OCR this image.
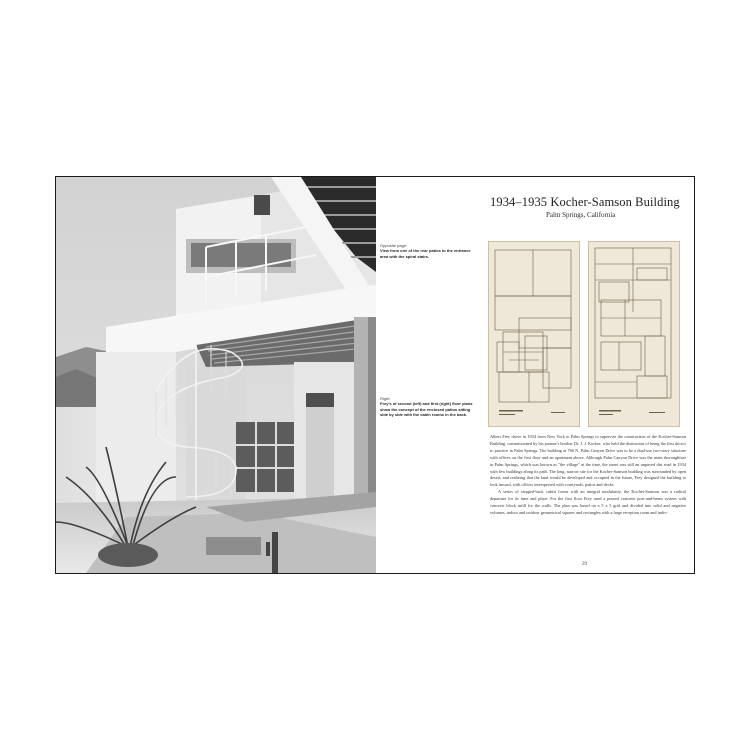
Opposite page:
View from one of the rear patios to the entrance area with the spiral stairs.
Right:
Frey's of second (left) and first (right) floor plans show the concept of the enclosed patios sitting side by side with the cabin rooms in the back.
1934–1935 Kocher-Samson Building
Palm Springs, California

Albert Frey drove in 1934 from New York to Palm Springs to supervise the construction of the Kocher-Samson Building, commissioned by his partner's brother Dr. J. J. Kocher, who held the distinction of being the first doctor to practice in Palm Springs. The building at 766 N. Palm Canyon Drive was to be a dual-use two-story structure with offices on the first floor and an apartment above. Although Palm Canyon Drive was the main thoroughfare in Palm Springs, which was known as "the village" at the time, the street was still an unpaved dirt road in 1934 with few buildings along its path. The long, narrow site for the Kocher-Samson building was surrounded by open desert, and realizing that the land would be developed and occupied in the future, Frey designed the building to look inward, with offices interspersed with courtyards, patios and decks.

A series of stepped-back cubist forms with an integral modularity, the Kocher-Samson was a radical departure for its time and place. For the first floor Frey used a poured concrete post-and-beam system with concrete block infill for the walls. The plan was based on a 5 x 5 grid and divided into solid and negative volumes, indoor and outdoor geometrical squares and rectangles with a large reception room and indiv-

29
